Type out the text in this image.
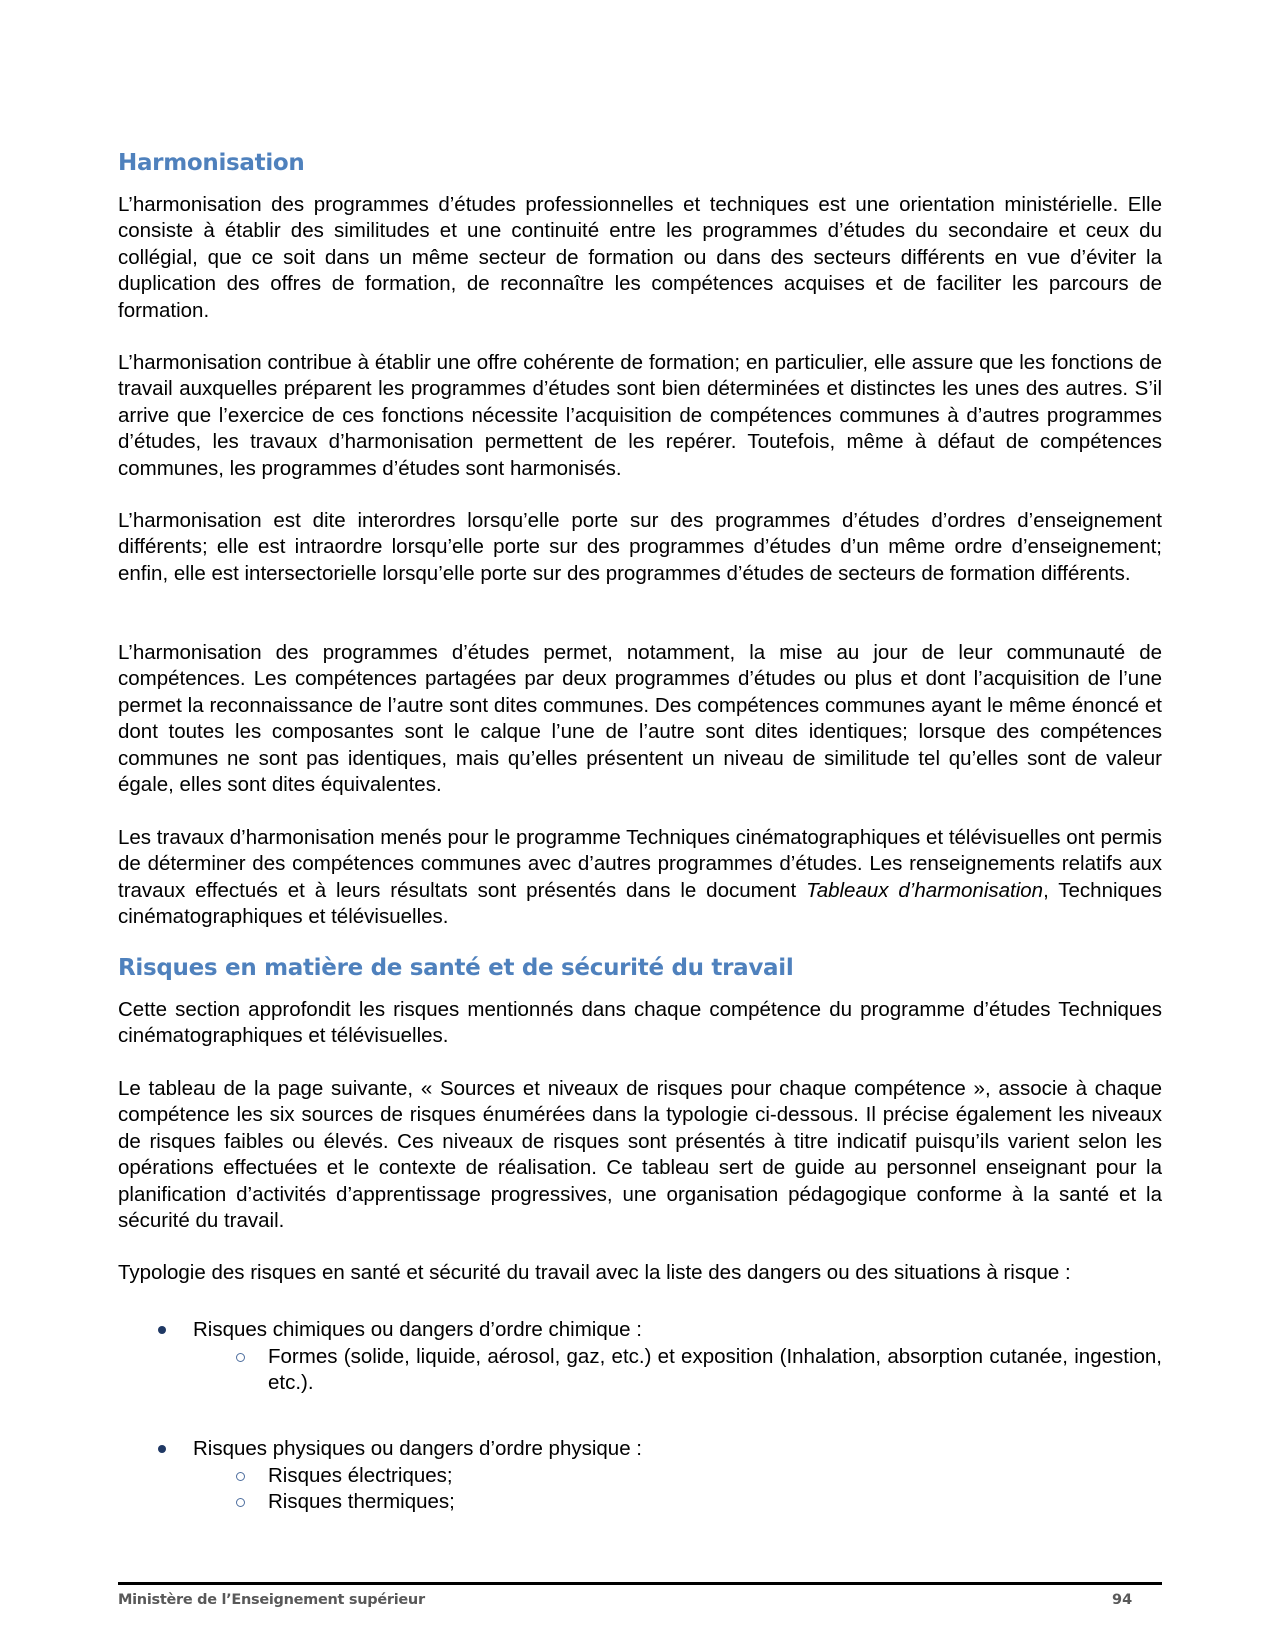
Harmonisation

L’harmonisation des programmes d’études professionnelles et techniques est une orientation ministérielle. Elle consiste à établir des similitudes et une continuité entre les programmes d’études du secondaire et ceux du collégial, que ce soit dans un même secteur de formation ou dans des secteurs différents en vue d’éviter la duplication des offres de formation, de reconnaître les compétences acquises et de faciliter les parcours de formation.

L’harmonisation contribue à établir une offre cohérente de formation; en particulier, elle assure que les fonctions de travail auxquelles préparent les programmes d’études sont bien déterminées et distinctes les unes des autres. S’il arrive que l’exercice de ces fonctions nécessite l’acquisition de compétences communes à d’autres programmes d’études, les travaux d’harmonisation permettent de les repérer. Toutefois, même à défaut de compétences communes, les programmes d’études sont harmonisés.

L’harmonisation est dite interordres lorsqu’elle porte sur des programmes d’études d’ordres d’enseignement différents; elle est intraordre lorsqu’elle porte sur des programmes d’études d’un même ordre d’enseignement; enfin, elle est intersectorielle lorsqu’elle porte sur des programmes d’études de secteurs de formation différents.

L’harmonisation des programmes d’études permet, notamment, la mise au jour de leur communauté de compétences. Les compétences partagées par deux programmes d’études ou plus et dont l’acquisition de l’une permet la reconnaissance de l’autre sont dites communes. Des compétences communes ayant le même énoncé et dont toutes les composantes sont le calque l’une de l’autre sont dites identiques; lorsque des compétences communes ne sont pas identiques, mais qu’elles présentent un niveau de similitude tel qu’elles sont de valeur égale, elles sont dites équivalentes.

Les travaux d’harmonisation menés pour le programme Techniques cinématographiques et télévisuelles ont permis de déterminer des compétences communes avec d’autres programmes d’études. Les renseignements relatifs aux travaux effectués et à leurs résultats sont présentés dans le document Tableaux d’harmonisation, Techniques cinématographiques et télévisuelles.

Risques en matière de santé et de sécurité du travail

Cette section approfondit les risques mentionnés dans chaque compétence du programme d’études Techniques cinématographiques et télévisuelles.

Le tableau de la page suivante, « Sources et niveaux de risques pour chaque compétence », associe à chaque compétence les six sources de risques énumérées dans la typologie ci-dessous. Il précise également les niveaux de risques faibles ou élevés. Ces niveaux de risques sont présentés à titre indicatif puisqu’ils varient selon les opérations effectuées et le contexte de réalisation. Ce tableau sert de guide au personnel enseignant pour la planification d’activités d’apprentissage progressives, une organisation pédagogique conforme à la santé et la sécurité du travail.

Typologie des risques en santé et sécurité du travail avec la liste des dangers ou des situations à risque :

Risques chimiques ou dangers d’ordre chimique :
Formes (solide, liquide, aérosol, gaz, etc.) et exposition (Inhalation, absorption cutanée, ingestion, etc.).
Risques physiques ou dangers d’ordre physique :
Risques électriques;
Risques thermiques;
Ministère de l’Enseignement supérieur	94
